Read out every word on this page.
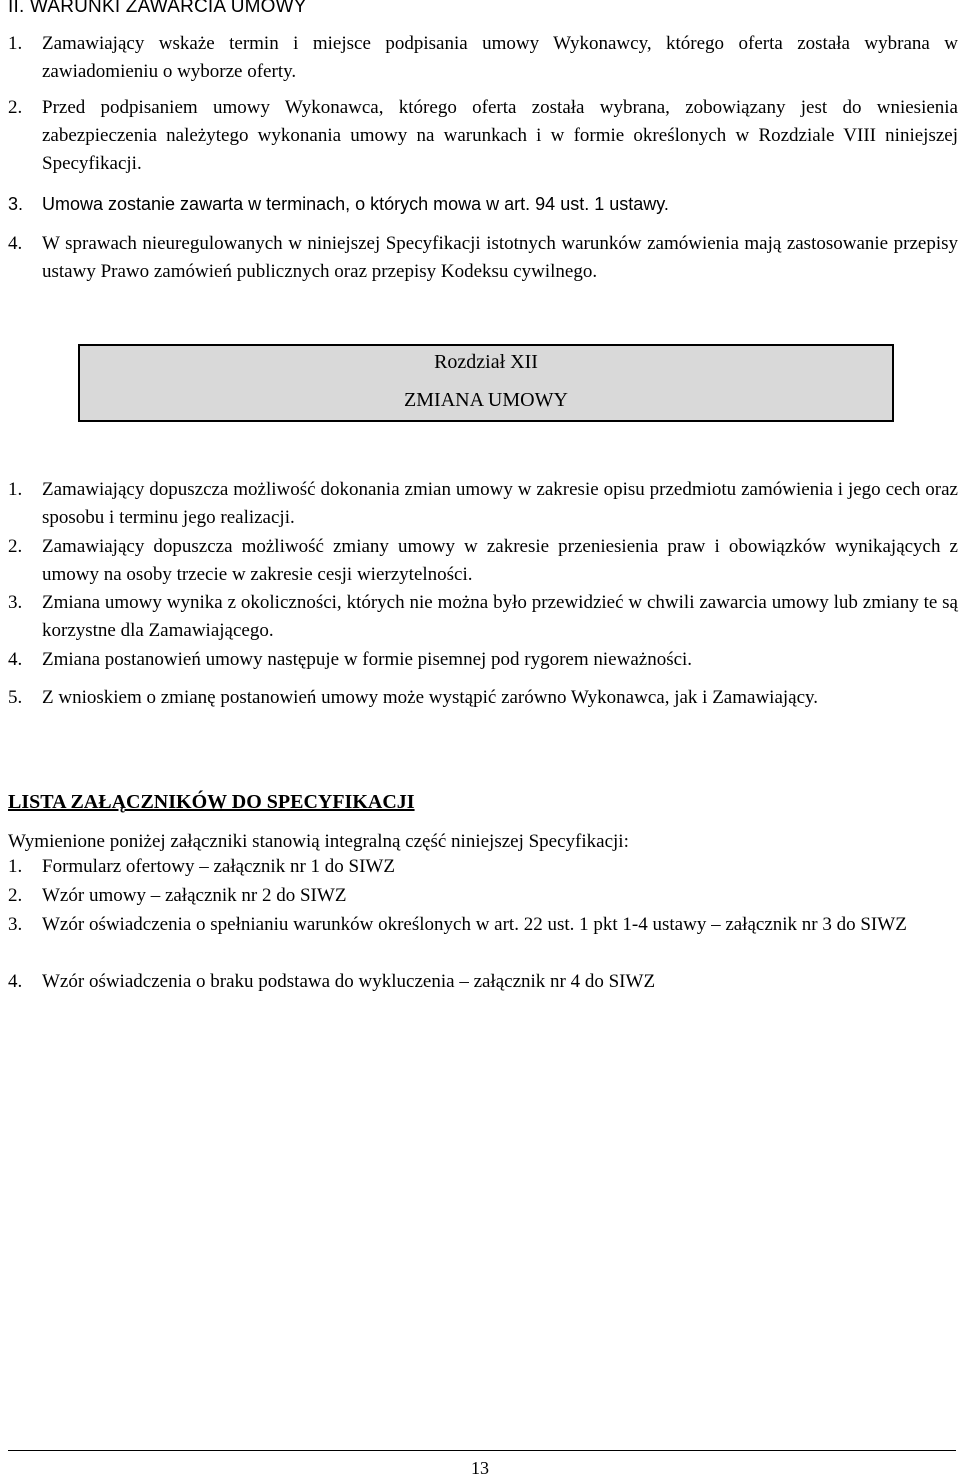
II. WARUNKI ZAWARCIA UMOWY
1.	Zamawiający wskaże termin i miejsce podpisania umowy Wykonawcy, którego oferta została wybrana w zawiadomieniu o wyborze oferty.
2.	Przed podpisaniem umowy Wykonawca, którego oferta została wybrana, zobowiązany jest do wniesienia zabezpieczenia należytego wykonania umowy na warunkach i w formie określonych w Rozdziale VIII niniejszej Specyfikacji.
3.	Umowa zostanie zawarta w terminach, o których mowa w art. 94 ust. 1 ustawy.
4.	W sprawach nieuregulowanych w niniejszej Specyfikacji istotnych warunków zamówienia mają zastosowanie przepisy ustawy Prawo zamówień publicznych oraz przepisy Kodeksu cywilnego.
Rozdział XII
ZMIANA UMOWY
1.	Zamawiający dopuszcza możliwość dokonania zmian umowy w zakresie opisu przedmiotu zamówienia i jego cech oraz sposobu i terminu jego realizacji.
2.	Zamawiający dopuszcza możliwość zmiany umowy w zakresie przeniesienia praw i obowiązków wynikających z umowy na osoby trzecie w zakresie cesji wierzytelności.
3.	Zmiana umowy wynika z okoliczności, których nie można było przewidzieć w chwili zawarcia umowy lub zmiany te są korzystne dla Zamawiającego.
4.	Zmiana postanowień umowy następuje w formie pisemnej pod rygorem nieważności.
5.	Z wnioskiem o zmianę postanowień umowy może wystąpić zarówno Wykonawca, jak i Zamawiający.
LISTA ZAŁĄCZNIKÓW DO SPECYFIKACJI
Wymienione poniżej załączniki stanowią integralną część niniejszej Specyfikacji:
1.	Formularz ofertowy – załącznik nr 1 do SIWZ
2.	Wzór umowy – załącznik nr 2 do SIWZ
3.	Wzór oświadczenia o spełnianiu warunków określonych w art. 22 ust. 1 pkt 1-4 ustawy – załącznik nr 3 do SIWZ
4.	Wzór oświadczenia o braku podstawa do wykluczenia – załącznik nr 4 do SIWZ
13
